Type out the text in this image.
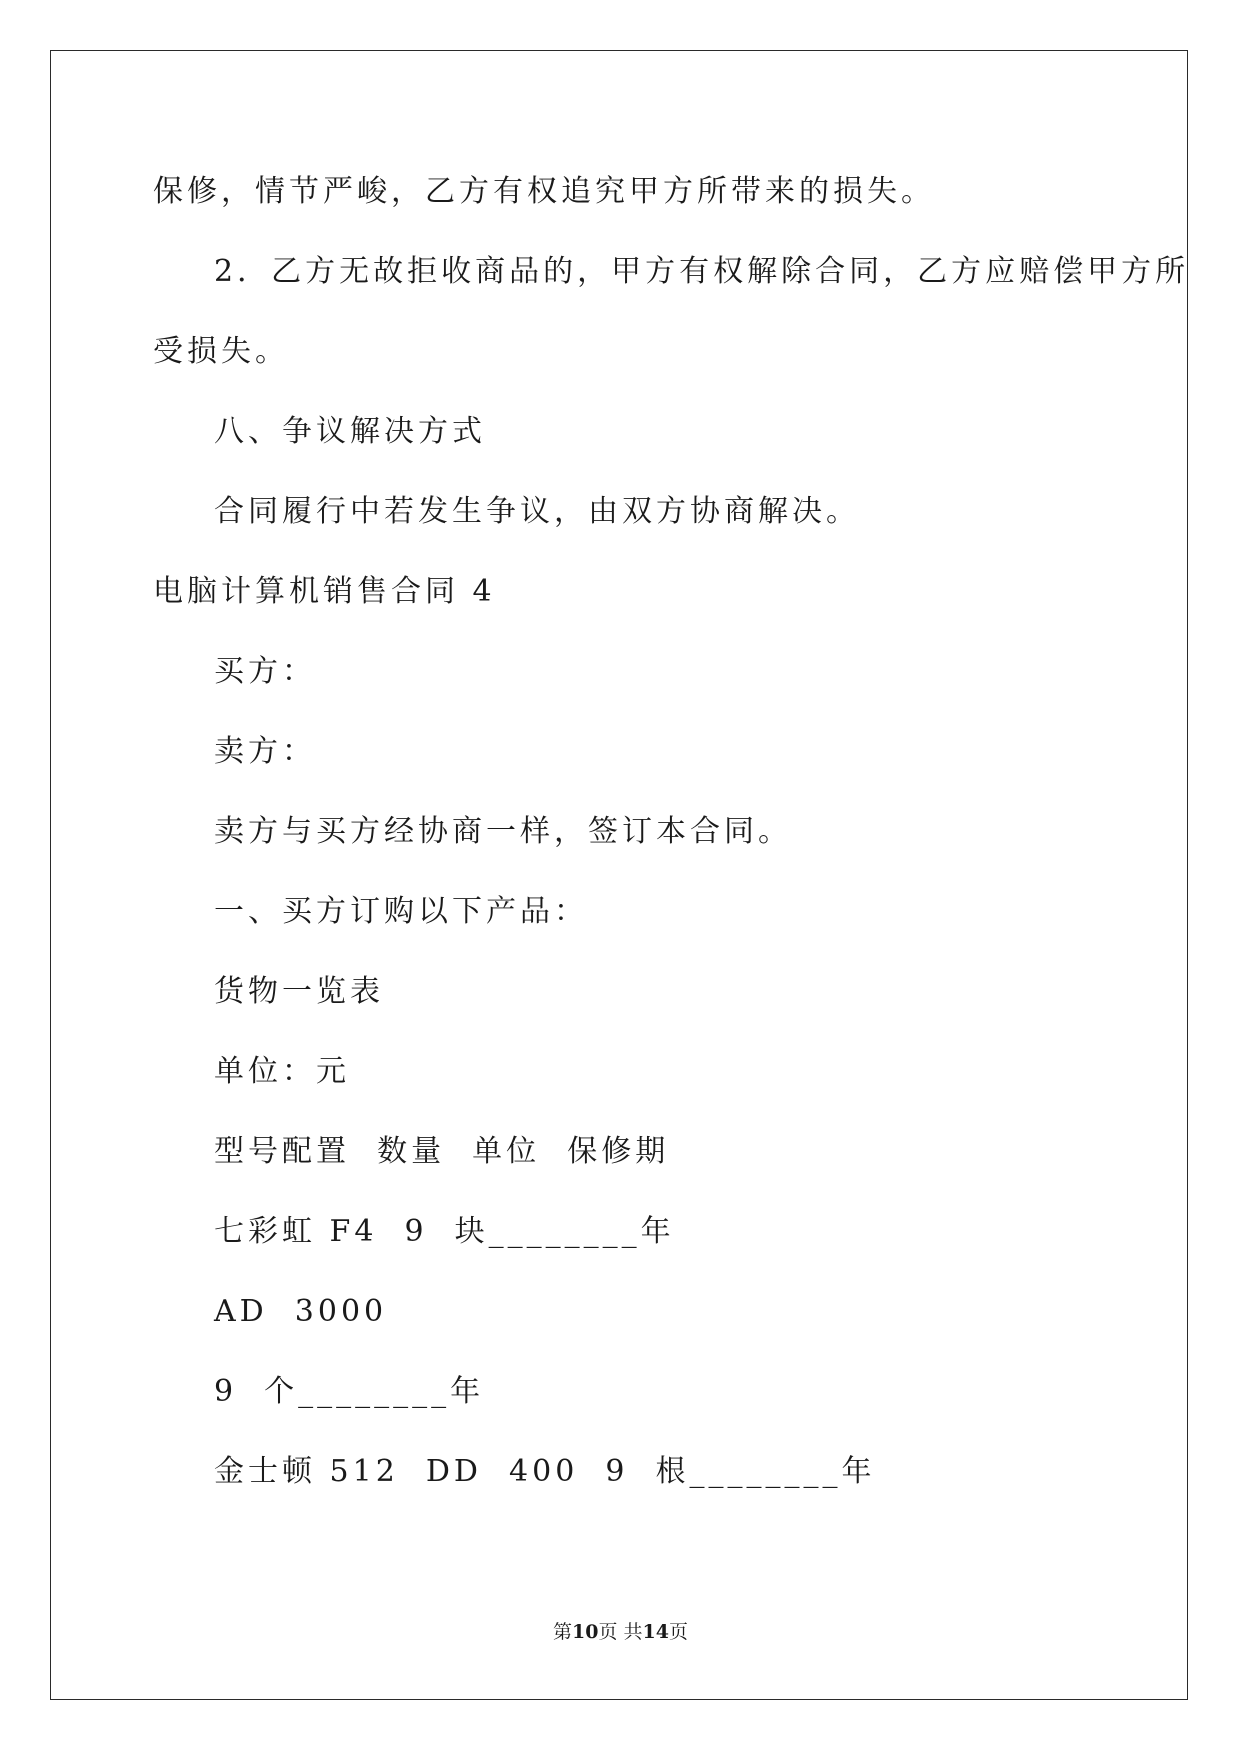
保修，情节严峻，乙方有权追究甲方所带来的损失。
2．乙方无故拒收商品的，甲方有权解除合同，乙方应赔偿甲方所
受损失。
八、争议解决方式
合同履行中若发生争议，由双方协商解决。
电脑计算机销售合同 4
买方：
卖方：
卖方与买方经协商一样，签订本合同。
一、买方订购以下产品：
货物一览表
单位：元
型号配置  数量  单位  保修期
七彩虹 F4  9  块________年
AD  3000
9  个________年
金士顿 512  DD  400  9  根________年
第10页 共14页
